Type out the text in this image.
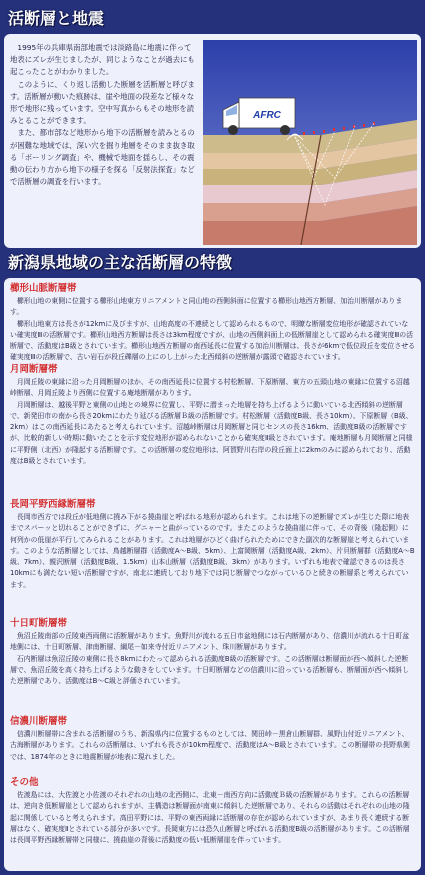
活断層と地震

1995年の兵庫県南部地震では淡路島に地震に伴って地表にズレが生じましたが、同じようなことが過去にも起こったことがわかりました。

このように、くり返し活動した断層を活断層と呼びます。活断層が動いた痕跡は、崖や地面の段差など様々な形で地形に残っています。空中写真からもその地形を読みとることができます。

また、都市部など地形から地下の活断層を読みとるのが困難な地域では、深い穴を掘り地層をそのまま抜き取る「ボーリング調査」や、機械で地面を揺らし、その震動の伝わり方から地下の様子を探る「反射法探査」などで活断層の調査を行います。

AFRC
新潟県地域の主な活断層の特徴
櫛形山脈断層帯

櫛形山地の東側に位置する櫛形山地東方リニアメントと同山地の西側斜面に位置する櫛形山地西方断層、加治川断層があります。

櫛形山地東方は長さが12kmに及びますが、山地高度の不連続として認められるもので、明瞭な断層変位地形が確認されていない確実度Ⅲの活断層です。櫛形山地西方断層は長さは3km程度ですが、山地の西側斜面上の低断層崖として認められる確実度Ⅲの活断層で、活動度はB級とされています。櫛形山地西方断層の南西延長に位置する加治川断層は、長さが6kmで低位段丘を変位させる確実度Ⅲの活断層で、古い岩石が段丘礫層の上にのし上がった北西傾斜の逆断層が露頭で確認されています。

月岡断層帯

月岡丘陵の東縁に沿った月岡断層のほか、その南西延長に位置する村松断層、下原断層、東方の五頭山地の東縁に位置する沼越峠断層、月岡丘陵より西側に位置する庵地断層があります。

月岡断層は、越後平野と東側の山地との境界に位置し、平野に潜まった地層を持ち上げるように動いている北西傾斜の逆断層で、新発田市の南から長さ20kmにわたり延びる活断層Ｂ級の活断層です。村松断層（活動度B級、長さ10km）、下原断層（B級、2km）はこの南西延長にあたると考えられています。沼越峠断層は月岡断層と同じセンスの長さ16km、活動度B級の活断層ですが、比較的新しい時期に動いたことを示す変位地形が認められないことから確実度Ⅱ級とされています。庵地断層も月岡断層と同様に平野側（北西）が隆起する活断層です。この活断層の変位地形は、阿賀野川右岸の段丘面上に2kmのみに認められており、活動度はB級とされています。

長岡平野西縁断層帯

長岡市西方では段丘が低地側に撓み下がる撓曲崖と呼ばれる地形が認められます。これは地下の逆断層でズレが生じた際に地表までスパーッと切れることができずに、グニャーと曲がっているのです。またこのような撓曲崖に伴って、その背後（隆起側）に何列かの低崖が平行してみられることがあります。これは地層がひどく曲げられたためにできた副次的な断層崖と考えられています。このような活断層としては、鳥越断層群（活動度A〜B級、5km）、上富岡断層（活動度A級、2km）、片貝断層群（活動度A〜B級、7km）、親沢断層（活動度B級、1.5km）山本山断層（活動度B級、3km）があります。いずれも地表で確認できるのは長さ10kmにも満たない短い活断層ですが、南北に連続しており地下では同じ断層でつながっているひと続きの断層系と考えられています。

十日町断層帯

魚沼丘陵南部の丘陵東西両側に活断層があります。魚野川が流れる五日市盆地側には石内断層があり、信濃川が流れる十日町盆地側には、十日町断層、津南断層、綱尾－如来寺付近リニアメント、珠川断層があります。

石内断層は魚沼丘陵の東側に長さ8kmにわたって認められる活動度B級の活断層です。この活断層は断層面が西へ傾斜した逆断層で、魚沼丘陵を高く持ち上げるような動きをしています。十日町断層などの信濃川に沿っている活断層も、断層面が西へ傾斜した逆断層であり、活動度はB〜C級と評価されています。

信濃川断層帯

信濃川断層帯に含まれる活断層のうち、新潟県内に位置するものとしては、関田峠－黒倉山断層群、風野山付近リニアメント、古海断層があります。これらの活断層は、いずれも長さが10km程度で、活動度はA〜B級とされています。この断層帯の長野県側では、1874年のときに地震断層が地表に現れました。

その他

佐渡島には、大佐渡と小佐渡のそれぞれの山地の北西側に、北東－南西方向に活動度Ｂ級の活断層があります。これらの活断層は、逆向き低断層崖として認められますが、主構造は断層面が南東に傾斜した逆断層であり、それらの活動はそれぞれの山地の隆起に関係していると考えられます。高田平野には、平野の東西両縁に活断層の存在が認められていますが、あまり長く連続する断層はなく、確実度Ⅱとされている部分が多いです。長岡東方には恐久山断層と呼ばれる活動度B級の活断層があります。この活断層は長岡平野西縁断層帯と同様に、撓曲崖の背後に活動度の低い低断層崖を伴っています。
